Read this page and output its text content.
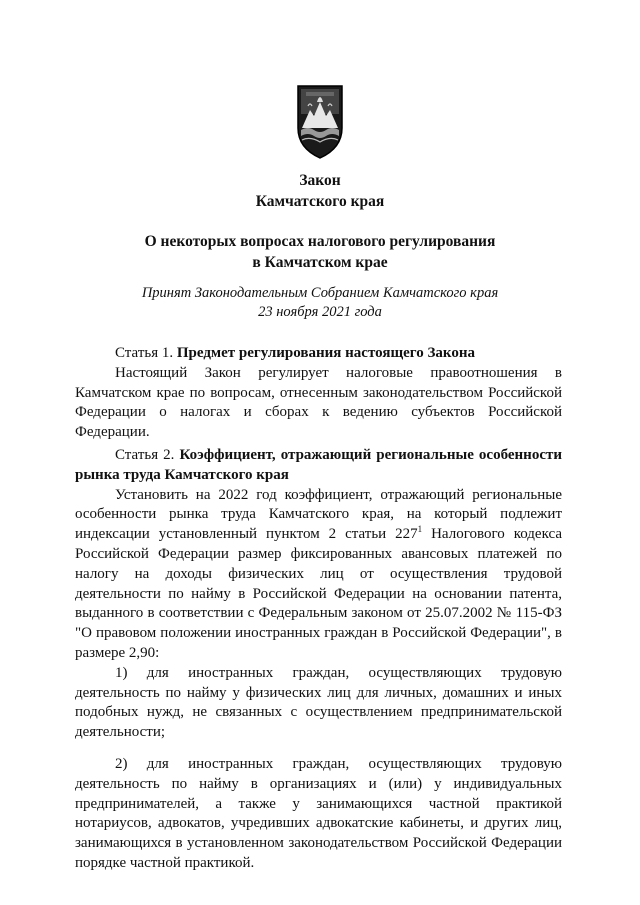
Закон
Камчатского края
О некоторых вопросах налогового регулирования
в Камчатском крае
Принят Законодательным Собранием Камчатского края
23 ноября 2021 года
Статья 1. Предмет регулирования настоящего Закона

Настоящий Закон регулирует налоговые правоотношения в Камчатском крае по вопросам, отнесенным законодательством Российской Федерации о налогах и сборах к ведению субъектов Российской Федерации.

Статья 2. Коэффициент, отражающий региональные особенности рынка труда Камчатского края

Установить на 2022 год коэффициент, отражающий региональные особенности рынка труда Камчатского края, на который подлежит индексации установленный пунктом 2 статьи $227^1$ Налогового кодекса Российской Федерации размер фиксированных авансовых платежей по налогу на доходы физических лиц от осуществления трудовой деятельности по найму в Российской Федерации на основании патента, выданного в соответствии с Федеральным законом от 25.07.2002 № 115-ФЗ "О правовом положении иностранных граждан в Российской Федерации", в размере 2,90:

1) для иностранных граждан, осуществляющих трудовую деятельность по найму у физических лиц для личных, домашних и иных подобных нужд, не связанных с осуществлением предпринимательской деятельности;

2) для иностранных граждан, осуществляющих трудовую деятельность по найму в организациях и (или) у индивидуальных предпринимателей, а также у занимающихся частной практикой нотариусов, адвокатов, учредивших адвокатские кабинеты, и других лиц, занимающихся в установленном законодательством Российской Федерации порядке частной практикой.
